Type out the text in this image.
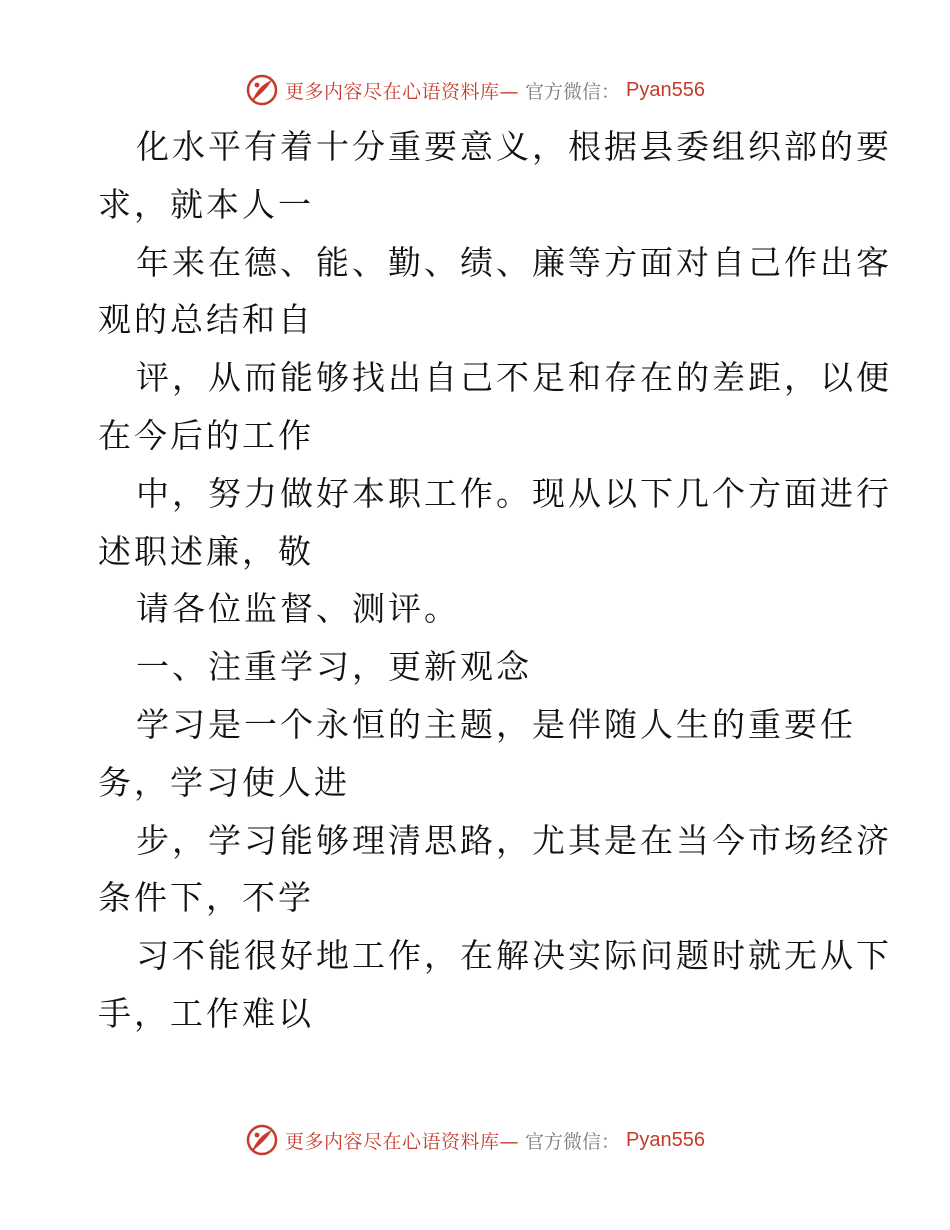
更多内容尽在心语资料库— 官方微信： Pyan556
化水平有着十分重要意义，根据县委组织部的要
求，就本人一
年来在德、能、勤、绩、廉等方面对自己作出客
观的总结和自
评，从而能够找出自己不足和存在的差距，以便
在今后的工作
中，努力做好本职工作。现从以下几个方面进行
述职述廉，敬
请各位监督、测评。
一、注重学习，更新观念
学习是一个永恒的主题，是伴随人生的重要任
务，学习使人进
步，学习能够理清思路，尤其是在当今市场经济
条件下，不学
习不能很好地工作，在解决实际问题时就无从下
手，工作难以
更多内容尽在心语资料库— 官方微信： Pyan556
